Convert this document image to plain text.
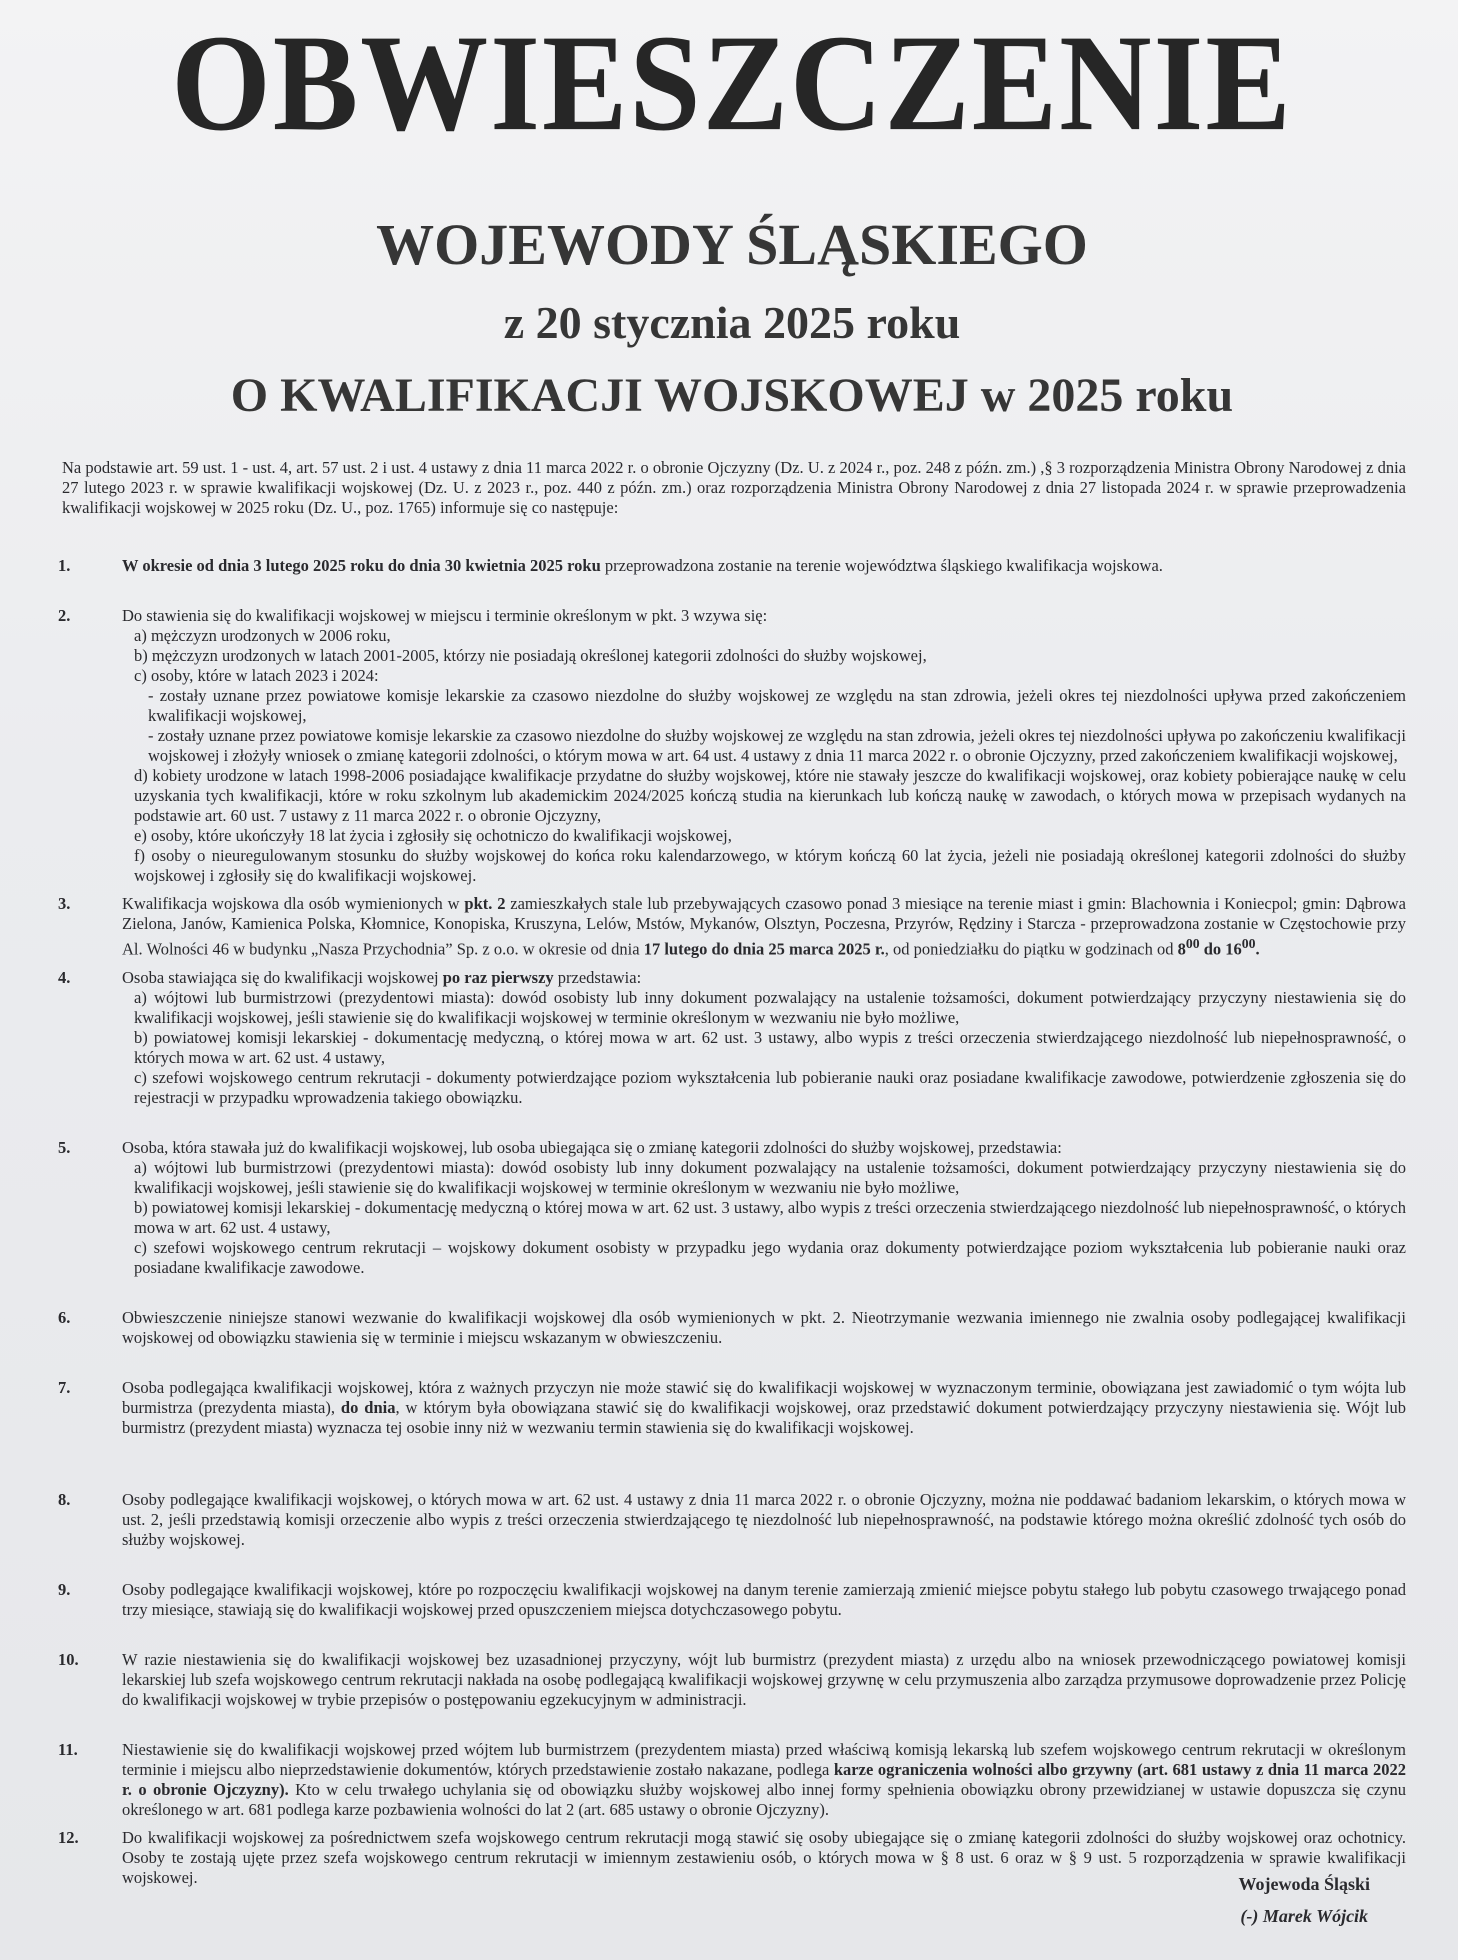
OBWIESZCZENIE
WOJEWODY ŚLĄSKIEGO
z 20 stycznia 2025 roku
O KWALIFIKACJI WOJSKOWEJ w 2025 roku
Na podstawie art. 59 ust. 1 - ust. 4, art. 57 ust. 2 i ust. 4 ustawy z dnia 11 marca 2022 r. o obronie Ojczyzny (Dz. U. z 2024 r., poz. 248 z późn. zm.) ,§ 3 rozporządzenia Ministra Obrony Narodowej z dnia 27 lutego 2023 r. w sprawie kwalifikacji wojskowej (Dz. U. z 2023 r., poz. 440 z późn. zm.) oraz rozporządzenia Ministra Obrony Narodowej z dnia 27 listopada 2024 r. w sprawie przeprowadzenia kwalifikacji wojskowej w 2025 roku (Dz. U., poz. 1765) informuje się co następuje:
1.	W okresie od dnia 3 lutego 2025 roku do dnia 30 kwietnia 2025 roku przeprowadzona zostanie na terenie województwa śląskiego kwalifikacja wojskowa.
2.	Do stawienia się do kwalifikacji wojskowej w miejscu i terminie określonym w pkt. 3 wzywa się:
a) mężczyzn urodzonych w 2006 roku,
b) mężczyzn urodzonych w latach 2001-2005, którzy nie posiadają określonej kategorii zdolności do służby wojskowej,
c) osoby, które w latach 2023 i 2024:
- zostały uznane przez powiatowe komisje lekarskie za czasowo niezdolne do służby wojskowej ze względu na stan zdrowia, jeżeli okres tej niezdolności upływa przed zakończeniem kwalifikacji wojskowej,
- zostały uznane przez powiatowe komisje lekarskie za czasowo niezdolne do służby wojskowej ze względu na stan zdrowia, jeżeli okres tej niezdolności upływa po zakończeniu kwalifikacji wojskowej i złożyły wniosek o zmianę kategorii zdolności, o którym mowa w art. 64 ust. 4 ustawy z dnia 11 marca 2022 r. o obronie Ojczyzny, przed zakończeniem kwalifikacji wojskowej,
d) kobiety urodzone w latach 1998-2006 posiadające kwalifikacje przydatne do służby wojskowej, które nie stawały jeszcze do kwalifikacji wojskowej, oraz kobiety pobierające naukę w celu uzyskania tych kwalifikacji, które w roku szkolnym lub akademickim 2024/2025 kończą studia na kierunkach lub kończą naukę w zawodach, o których mowa w przepisach wydanych na podstawie art. 60 ust. 7 ustawy z 11 marca 2022 r. o obronie Ojczyzny,
e) osoby, które ukończyły 18 lat życia i zgłosiły się ochotniczo do kwalifikacji wojskowej,
f) osoby o nieuregulowanym stosunku do służby wojskowej do końca roku kalendarzowego, w którym kończą 60 lat życia, jeżeli nie posiadają określonej kategorii zdolności do służby wojskowej i zgłosiły się do kwalifikacji wojskowej.
3.	Kwalifikacja wojskowa dla osób wymienionych w pkt. 2 zamieszkałych stale lub przebywających czasowo ponad 3 miesiące na terenie miast i gmin: Blachownia i Koniecpol; gmin: Dąbrowa Zielona, Janów, Kamienica Polska, Kłomnice, Konopiska, Kruszyna, Lelów, Mstów, Mykanów, Olsztyn, Poczesna, Przyrów, Rędziny i Starcza - przeprowadzona zostanie w Częstochowie przy Al. Wolności 46 w budynku „Nasza Przychodnia” Sp. z o.o. w okresie od dnia 17 lutego do dnia 25 marca 2025 r., od poniedziałku do piątku w godzinach od $8^{00}$ do $16^{00}$.
4.	Osoba stawiająca się do kwalifikacji wojskowej po raz pierwszy przedstawia:
a) wójtowi lub burmistrzowi (prezydentowi miasta): dowód osobisty lub inny dokument pozwalający na ustalenie tożsamości, dokument potwierdzający przyczyny niestawienia się do kwalifikacji wojskowej, jeśli stawienie się do kwalifikacji wojskowej w terminie określonym w wezwaniu nie było możliwe,
b) powiatowej komisji lekarskiej - dokumentację medyczną, o której mowa w art. 62 ust. 3 ustawy, albo wypis z treści orzeczenia stwierdzającego niezdolność lub niepełnosprawność, o których mowa w art. 62 ust. 4 ustawy,
c) szefowi wojskowego centrum rekrutacji - dokumenty potwierdzające poziom wykształcenia lub pobieranie nauki oraz posiadane kwalifikacje zawodowe, potwierdzenie zgłoszenia się do rejestracji w przypadku wprowadzenia takiego obowiązku.
5.	Osoba, która stawała już do kwalifikacji wojskowej, lub osoba ubiegająca się o zmianę kategorii zdolności do służby wojskowej, przedstawia:
a) wójtowi lub burmistrzowi (prezydentowi miasta): dowód osobisty lub inny dokument pozwalający na ustalenie tożsamości, dokument potwierdzający przyczyny niestawienia się do kwalifikacji wojskowej, jeśli stawienie się do kwalifikacji wojskowej w terminie określonym w wezwaniu nie było możliwe,
b) powiatowej komisji lekarskiej - dokumentację medyczną o której mowa w art. 62 ust. 3 ustawy, albo wypis z treści orzeczenia stwierdzającego niezdolność lub niepełnosprawność, o których mowa w art. 62 ust. 4 ustawy,
c) szefowi wojskowego centrum rekrutacji – wojskowy dokument osobisty w przypadku jego wydania oraz dokumenty potwierdzające poziom wykształcenia lub pobieranie nauki oraz posiadane kwalifikacje zawodowe.
6.	Obwieszczenie niniejsze stanowi wezwanie do kwalifikacji wojskowej dla osób wymienionych w pkt. 2. Nieotrzymanie wezwania imiennego nie zwalnia osoby podlegającej kwalifikacji wojskowej od obowiązku stawienia się w terminie i miejscu wskazanym w obwieszczeniu.
7.	Osoba podlegająca kwalifikacji wojskowej, która z ważnych przyczyn nie może stawić się do kwalifikacji wojskowej w wyznaczonym terminie, obowiązana jest zawiadomić o tym wójta lub burmistrza (prezydenta miasta), do dnia, w którym była obowiązana stawić się do kwalifikacji wojskowej, oraz przedstawić dokument potwierdzający przyczyny niestawienia się. Wójt lub burmistrz (prezydent miasta) wyznacza tej osobie inny niż w wezwaniu termin stawienia się do kwalifikacji wojskowej.
8.	Osoby podlegające kwalifikacji wojskowej, o których mowa w art. 62 ust. 4 ustawy z dnia 11 marca 2022 r. o obronie Ojczyzny, można nie poddawać badaniom lekarskim, o których mowa w ust. 2, jeśli przedstawią komisji orzeczenie albo wypis z treści orzeczenia stwierdzającego tę niezdolność lub niepełnosprawność, na podstawie którego można określić zdolność tych osób do służby wojskowej.
9.	Osoby podlegające kwalifikacji wojskowej, które po rozpoczęciu kwalifikacji wojskowej na danym terenie zamierzają zmienić miejsce pobytu stałego lub pobytu czasowego trwającego ponad trzy miesiące, stawiają się do kwalifikacji wojskowej przed opuszczeniem miejsca dotychczasowego pobytu.
10.	W razie niestawienia się do kwalifikacji wojskowej bez uzasadnionej przyczyny, wójt lub burmistrz (prezydent miasta) z urzędu albo na wniosek przewodniczącego powiatowej komisji lekarskiej lub szefa wojskowego centrum rekrutacji nakłada na osobę podlegającą kwalifikacji wojskowej grzywnę w celu przymuszenia albo zarządza przymusowe doprowadzenie przez Policję do kwalifikacji wojskowej w trybie przepisów o postępowaniu egzekucyjnym w administracji.
11.	Niestawienie się do kwalifikacji wojskowej przed wójtem lub burmistrzem (prezydentem miasta) przed właściwą komisją lekarską lub szefem wojskowego centrum rekrutacji w określonym terminie i miejscu albo nieprzedstawienie dokumentów, których przedstawienie zostało nakazane, podlega karze ograniczenia wolności albo grzywny (art. 681 ustawy z dnia 11 marca 2022 r. o obronie Ojczyzny). Kto w celu trwałego uchylania się od obowiązku służby wojskowej albo innej formy spełnienia obowiązku obrony przewidzianej w ustawie dopuszcza się czynu określonego w art. 681 podlega karze pozbawienia wolności do lat 2 (art. 685 ustawy o obronie Ojczyzny).
12.	Do kwalifikacji wojskowej za pośrednictwem szefa wojskowego centrum rekrutacji mogą stawić się osoby ubiegające się o zmianę kategorii zdolności do służby wojskowej oraz ochotnicy. Osoby te zostają ujęte przez szefa wojskowego centrum rekrutacji w imiennym zestawieniu osób, o których mowa w § 8 ust. 6 oraz w § 9 ust. 5 rozporządzenia w sprawie kwalifikacji wojskowej.	Wojewoda Śląski
(-) Marek Wójcik
